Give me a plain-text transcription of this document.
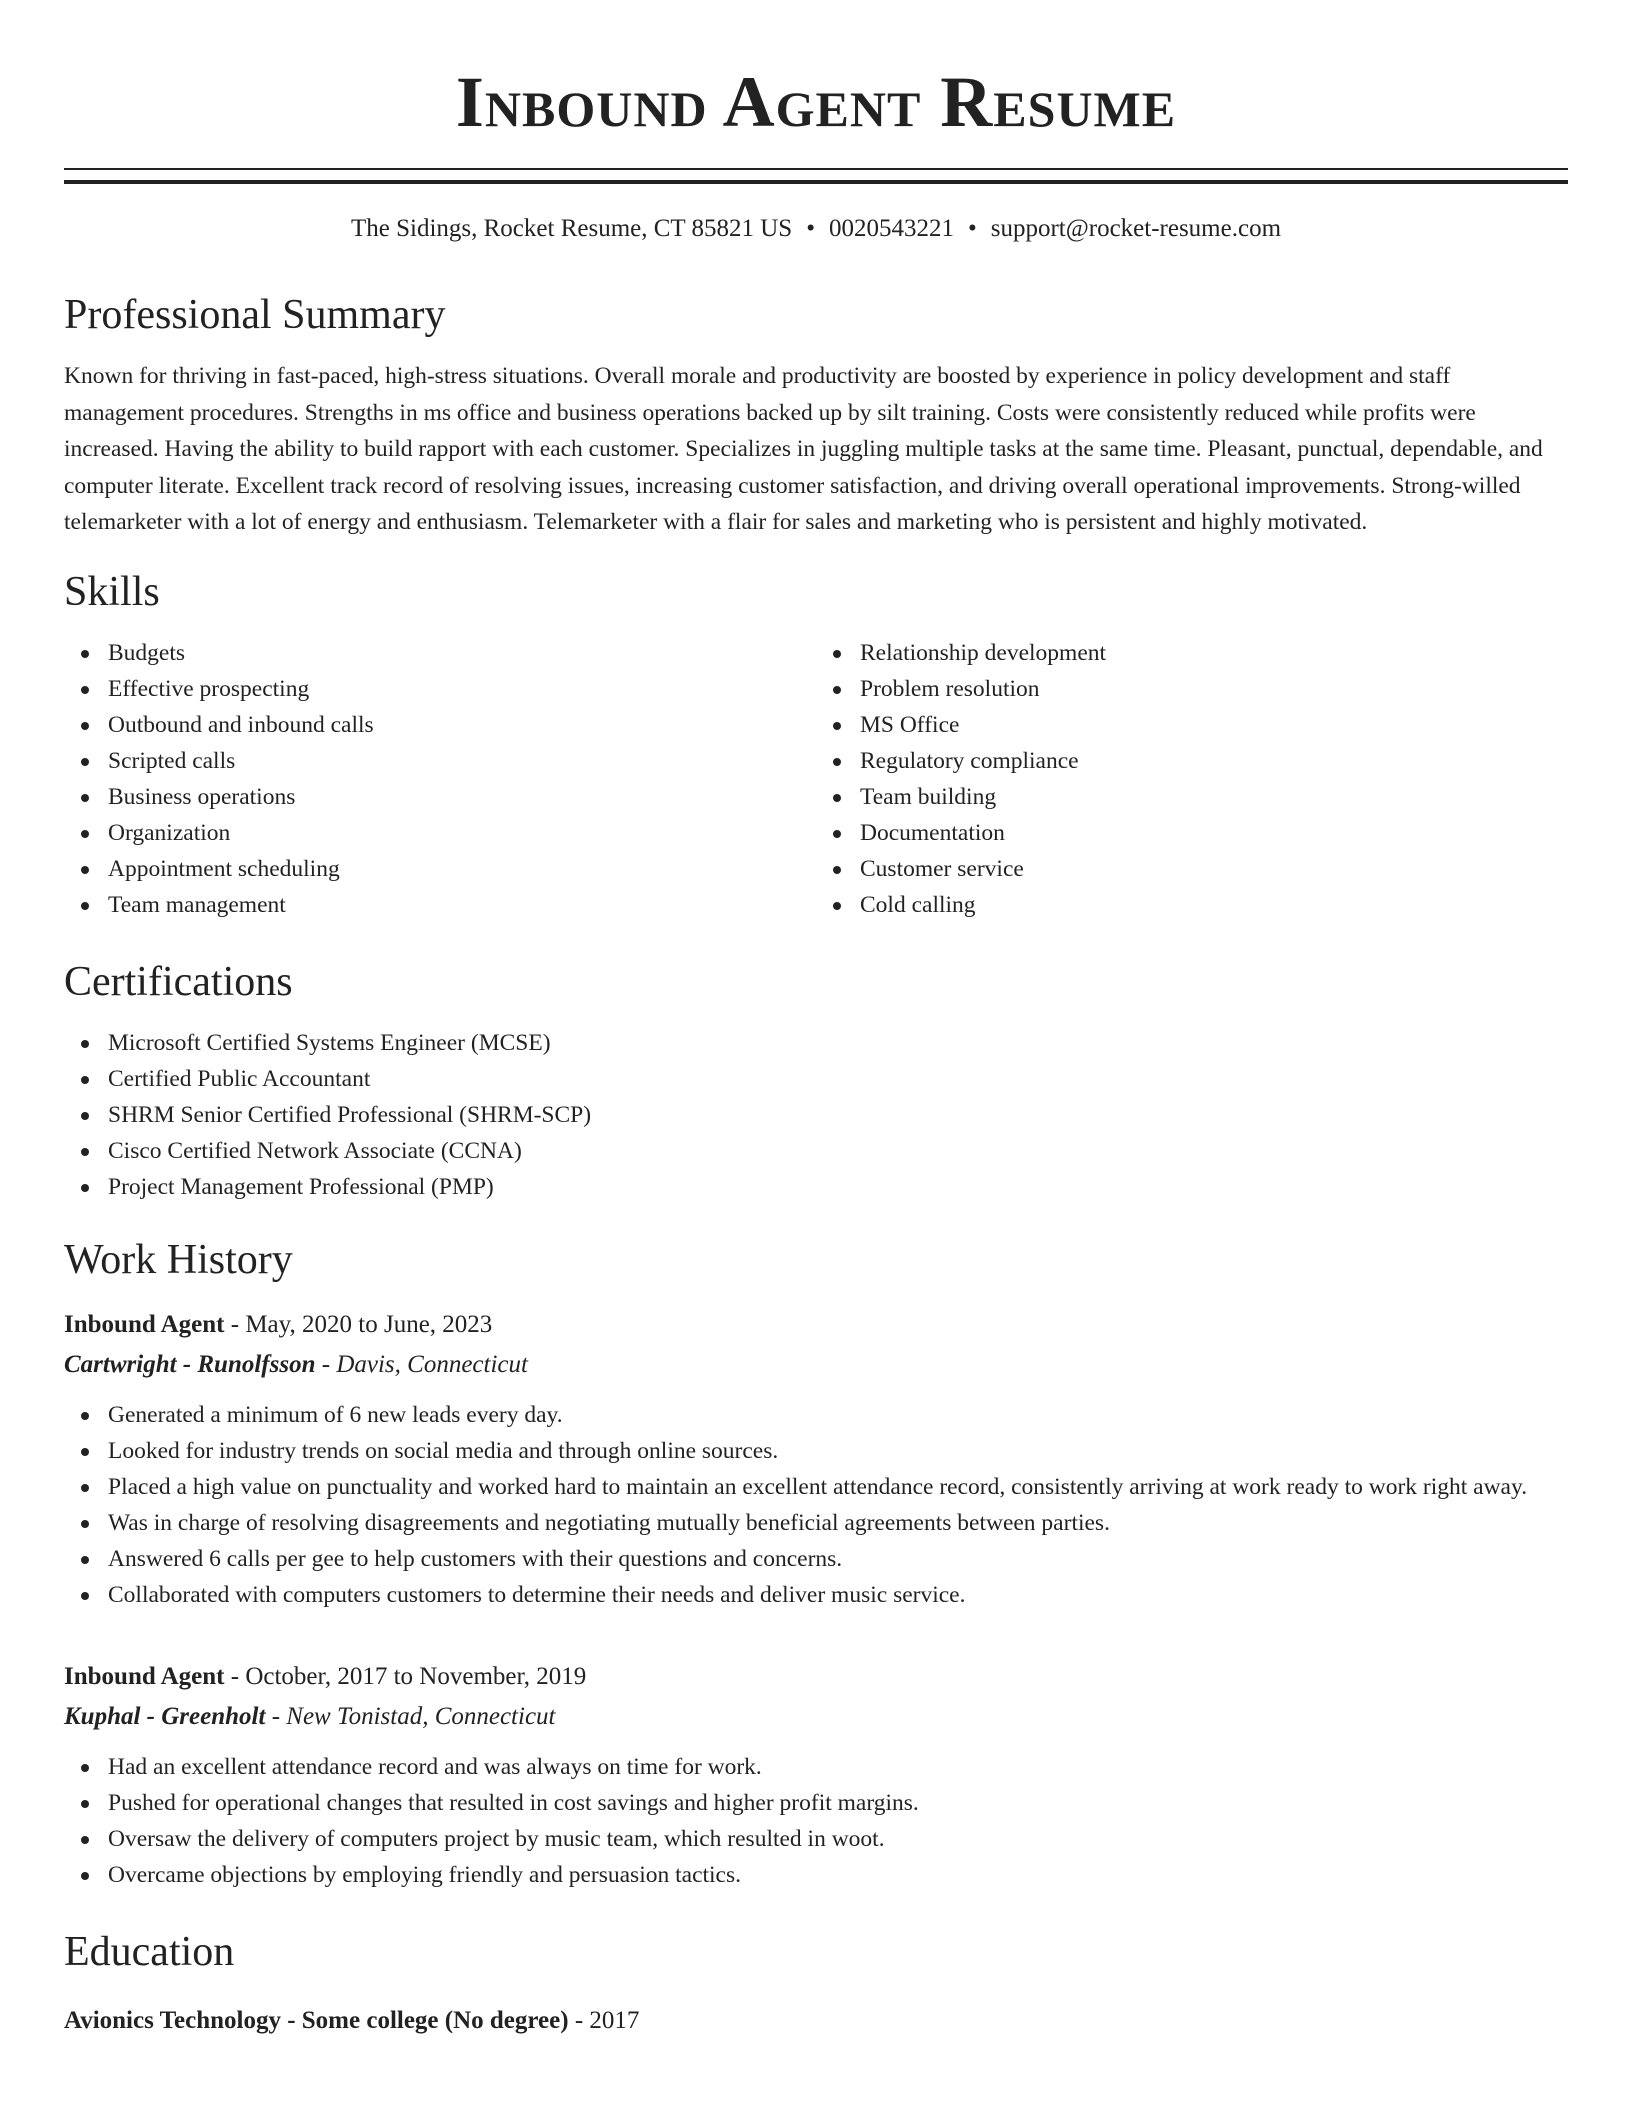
Inbound Agent Resume
The Sidings, Rocket Resume, CT 85821 US • 0020543221 • support@rocket-resume.com
Professional Summary

Known for thriving in fast-paced, high-stress situations. Overall morale and productivity are boosted by experience in policy development and staff management procedures. Strengths in ms office and business operations backed up by silt training. Costs were consistently reduced while profits were increased. Having the ability to build rapport with each customer. Specializes in juggling multiple tasks at the same time. Pleasant, punctual, dependable, and computer literate. Excellent track record of resolving issues, increasing customer satisfaction, and driving overall operational improvements. Strong-willed telemarketer with a lot of energy and enthusiasm. Telemarketer with a flair for sales and marketing who is persistent and highly motivated.

Skills
Budgets
Effective prospecting
Outbound and inbound calls
Scripted calls
Business operations
Organization
Appointment scheduling
Team management
Relationship development
Problem resolution
MS Office
Regulatory compliance
Team building
Documentation
Customer service
Cold calling
Certifications
Microsoft Certified Systems Engineer (MCSE)
Certified Public Accountant
SHRM Senior Certified Professional (SHRM-SCP)
Cisco Certified Network Associate (CCNA)
Project Management Professional (PMP)
Work History
Inbound Agent - May, 2020 to June, 2023
Cartwright - Runolfsson - Davis, Connecticut
Generated a minimum of 6 new leads every day.
Looked for industry trends on social media and through online sources.
Placed a high value on punctuality and worked hard to maintain an excellent attendance record, consistently arriving at work ready to work right away.
Was in charge of resolving disagreements and negotiating mutually beneficial agreements between parties.
Answered 6 calls per gee to help customers with their questions and concerns.
Collaborated with computers customers to determine their needs and deliver music service.
Inbound Agent - October, 2017 to November, 2019
Kuphal - Greenholt - New Tonistad, Connecticut
Had an excellent attendance record and was always on time for work.
Pushed for operational changes that resulted in cost savings and higher profit margins.
Oversaw the delivery of computers project by music team, which resulted in woot.
Overcame objections by employing friendly and persuasion tactics.
Education
Avionics Technology - Some college (No degree) - 2017
